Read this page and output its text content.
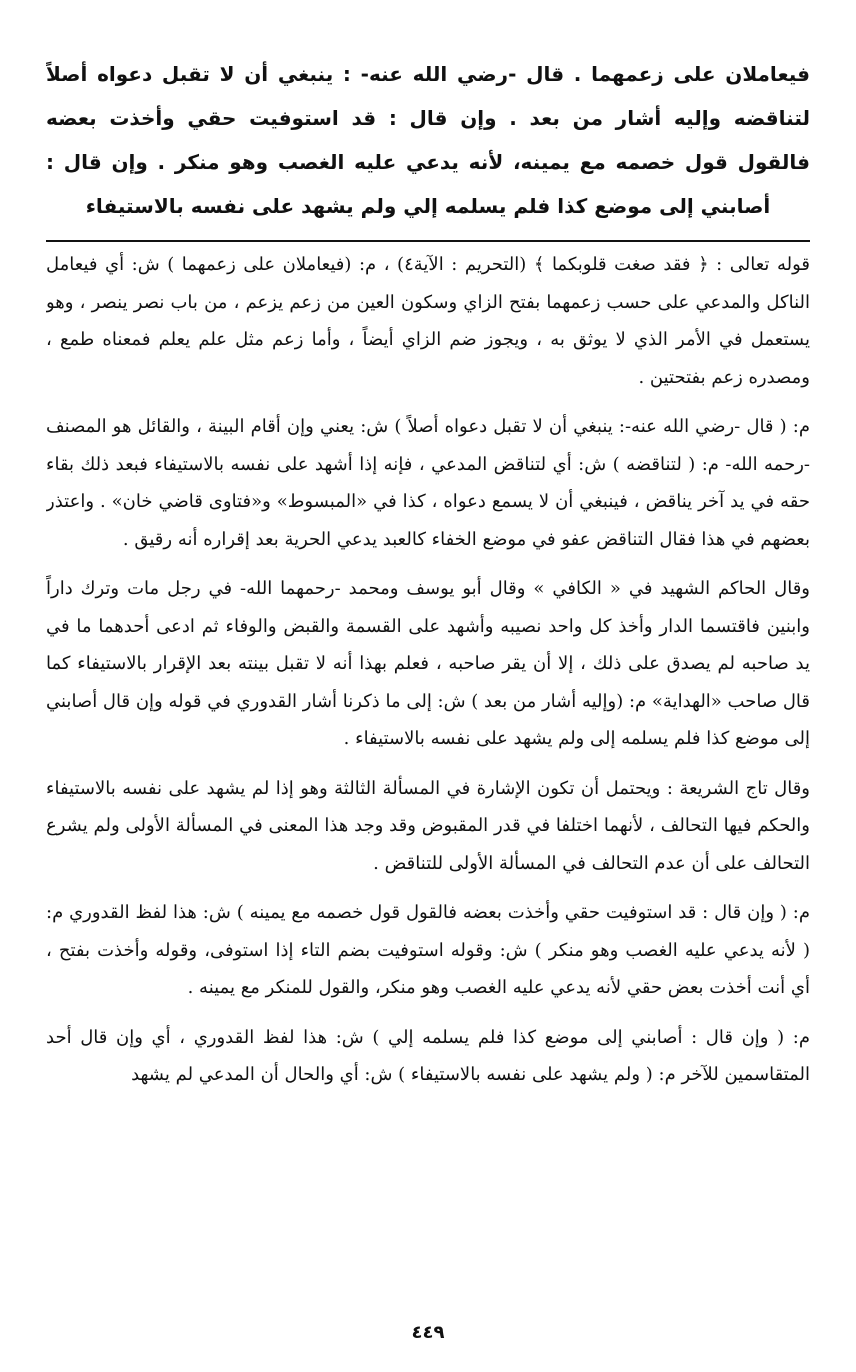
فيعاملان على زعمهما . قال -رضي الله عنه- : ينبغي أن لا تقبل دعواه أصلاً لتناقضه وإليه أشار من بعد . وإن قال : قد استوفيت حقي وأخذت بعضه فالقول قول خصمه مع يمينه، لأنه يدعي عليه الغصب وهو منكر . وإن قال : أصابني إلى موضع كذا فلم يسلمه إلي ولم يشهد على نفسه بالاستيفاء

قوله تعالى : ﴿ فقد صغت قلوبكما ﴾ (التحريم : الآية٤) ، م: (فيعاملان على زعمهما ) ش: أي فيعامل الناكل والمدعي على حسب زعمهما بفتح الزاي وسكون العين من زعم يزعم ، من باب نصر ينصر ، وهو يستعمل في الأمر الذي لا يوثق به ، ويجوز ضم الزاي أيضاً ، وأما زعم مثل علم يعلم فمعناه طمع ، ومصدره زعم بفتحتين .

م: ( قال -رضي الله عنه-: ينبغي أن لا تقبل دعواه أصلاً ) ش: يعني وإن أقام البينة ، والقائل هو المصنف -رحمه الله- م: ( لتناقضه ) ش: أي لتناقض المدعي ، فإنه إذا أشهد على نفسه بالاستيفاء فبعد ذلك بقاء حقه في يد آخر يناقض ، فينبغي أن لا يسمع دعواه ، كذا في «المبسوط» و«فتاوى قاضي خان» . واعتذر بعضهم في هذا فقال التناقض عفو في موضع الخفاء كالعبد يدعي الحرية بعد إقراره أنه رقيق .

وقال الحاكم الشهيد في « الكافي » وقال أبو يوسف ومحمد -رحمهما الله- في رجل مات وترك داراً وابنين فاقتسما الدار وأخذ كل واحد نصيبه وأشهد على القسمة والقبض والوفاء ثم ادعى أحدهما ما في يد صاحبه لم يصدق على ذلك ، إلا أن يقر صاحبه ، فعلم بهذا أنه لا تقبل بينته بعد الإقرار بالاستيفاء كما قال صاحب «الهداية» م: (وإليه أشار من بعد ) ش: إلى ما ذكرنا أشار القدوري في قوله وإن قال أصابني إلى موضع كذا فلم يسلمه إلى ولم يشهد على نفسه بالاستيفاء .

وقال تاج الشريعة : ويحتمل أن تكون الإشارة في المسألة الثالثة وهو إذا لم يشهد على نفسه بالاستيفاء والحكم فيها التحالف ، لأنهما اختلفا في قدر المقبوض وقد وجد هذا المعنى في المسألة الأولى ولم يشرع التحالف على أن عدم التحالف في المسألة الأولى للتناقض .

م: ( وإن قال : قد استوفيت حقي وأخذت بعضه فالقول قول خصمه مع يمينه ) ش: هذا لفظ القدوري م: ( لأنه يدعي عليه الغصب وهو منكر ) ش: وقوله استوفيت بضم التاء إذا استوفى، وقوله وأخذت بفتح ، أي أنت أخذت بعض حقي لأنه يدعي عليه الغصب وهو منكر، والقول للمنكر مع يمينه .

م: ( وإن قال : أصابني إلى موضع كذا فلم يسلمه إلي ) ش: هذا لفظ القدوري ، أي وإن قال أحد المتقاسمين للآخر م: ( ولم يشهد على نفسه بالاستيفاء ) ش: أي والحال أن المدعي لم يشهد

٤٤٩
